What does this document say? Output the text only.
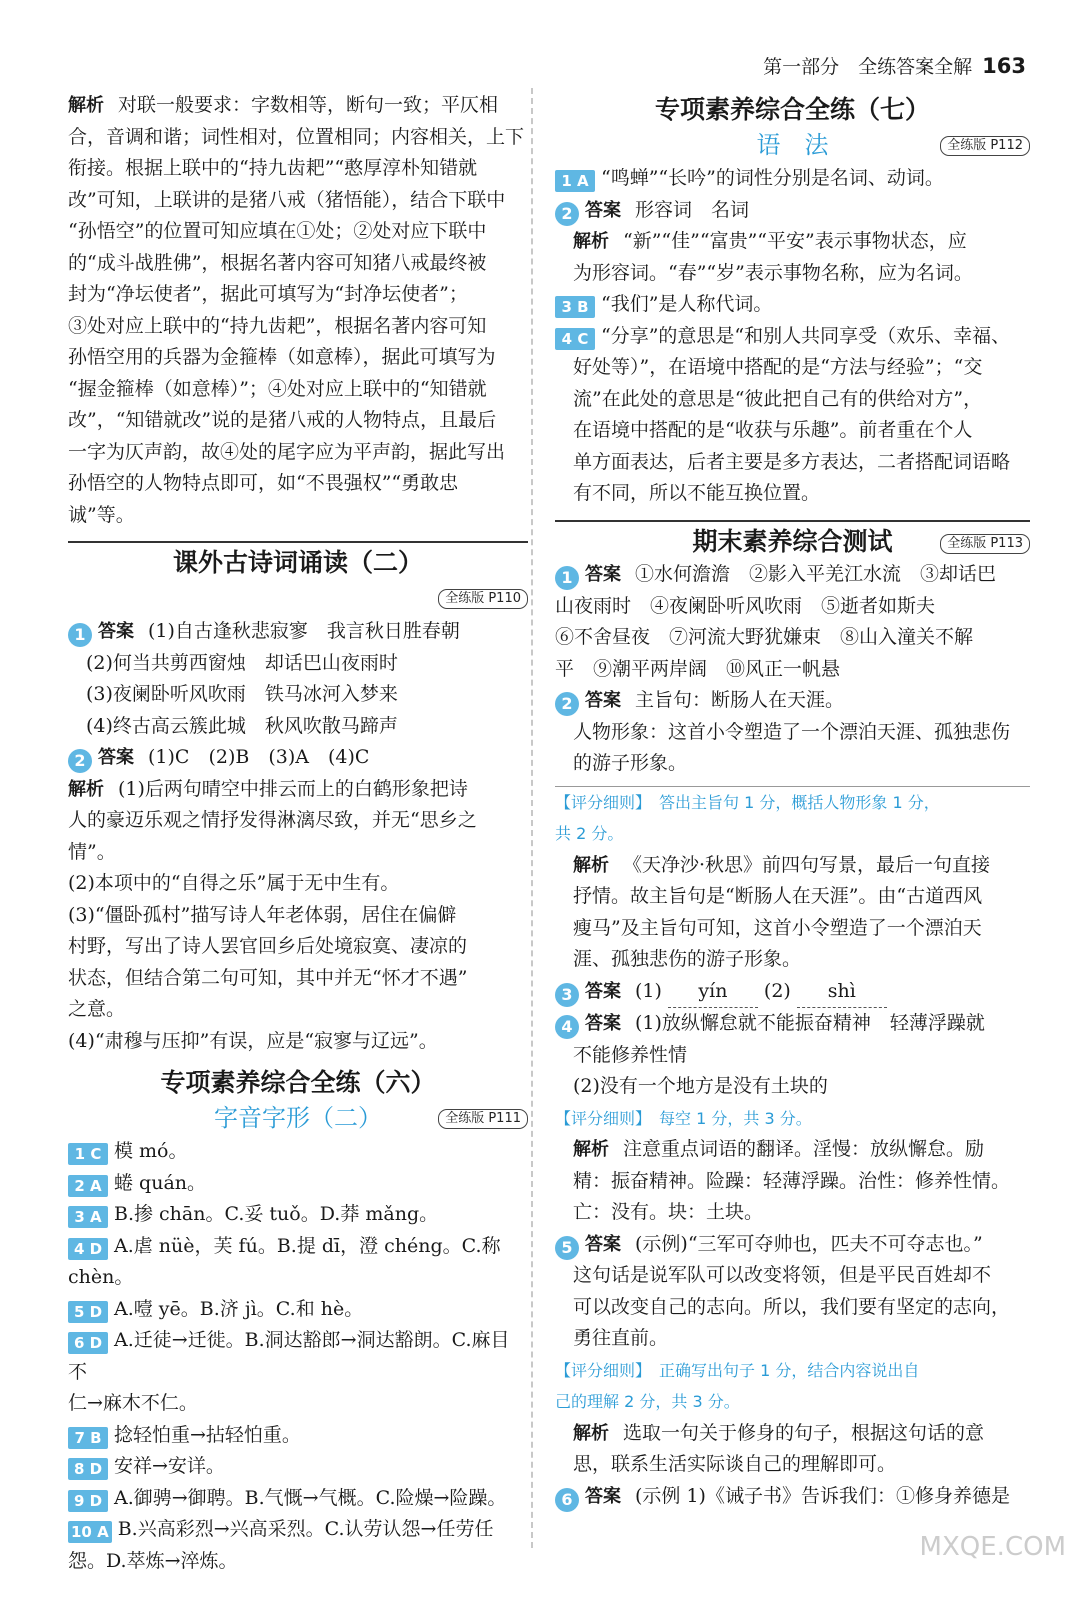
第一部分　全练答案全解 163

解析 对联一般要求：字数相等，断句一致；平仄相

合，音调和谐；词性相对，位置相同；内容相关，上下

衔接。根据上联中的“持九齿耙”“憨厚淳朴知错就

改”可知，上联讲的是猪八戒（猪悟能），结合下联中

“孙悟空”的位置可知应填在①处；②处对应下联中

的“成斗战胜佛”，根据名著内容可知猪八戒最终被

封为“净坛使者”，据此可填写为“封净坛使者”；

③处对应上联中的“持九齿耙”，根据名著内容可知

孙悟空用的兵器为金箍棒（如意棒），据此可填写为

“握金箍棒（如意棒）”；④处对应上联中的“知错就

改”，“知错就改”说的是猪八戒的人物特点，且最后

一字为仄声韵，故④处的尾字应为平声韵，据此写出

孙悟空的人物特点即可，如“不畏强权”“勇敢忠

诚”等。

课外古诗词诵读（二）
全练版 P110

1 答案 (1)自古逢秋悲寂寥　我言秋日胜春朝

(2)何当共剪西窗烛　却话巴山夜雨时

(3)夜阑卧听风吹雨　铁马冰河入梦来

(4)终古高云簇此城　秋风吹散马蹄声

2 答案 (1)C　(2)B　(3)A　(4)C

解析 (1)后两句晴空中排云而上的白鹤形象把诗

人的豪迈乐观之情抒发得淋漓尽致，并无“思乡之

情”。

(2)本项中的“自得之乐”属于无中生有。

(3)“僵卧孤村”描写诗人年老体弱，居住在偏僻

村野，写出了诗人罢官回乡后处境寂寞、凄凉的

状态，但结合第二句可知，其中并无“怀才不遇”

之意。

(4)“肃穆与压抑”有误，应是“寂寥与辽远”。

专项素养综合全练（六）
字音字形（二）	全练版 P111

1 C 模 mó。

2 A 蜷 quán。

3 A B.掺 chān。C.妥 tuǒ。D.莽 mǎng。

4 D A.虐 nüè，芙 fú。B.提 dī，澄 chéng。C.称 chèn。

5 D A.噎 yē。B.济 jì。C.和 hè。

6 D A.迁徒→迁徙。B.洞达豁郎→洞达豁朗。C.麻目不

仁→麻木不仁。

7 B 捻轻怕重→拈轻怕重。

8 D 安祥→安详。

9 D A.御骋→御聘。B.气慨→气概。C.险燥→险躁。

10 A B.兴高彩烈→兴高采烈。C.认劳认怨→任劳任

怨。D.萃炼→淬炼。

专项素养综合全练（七）
语　法	全练版 P112

1 A “鸣蝉”“长吟”的词性分别是名词、动词。

2 答案 形容词　名词

解析 “新”“佳”“富贵”“平安”表示事物状态，应

为形容词。“春”“岁”表示事物名称，应为名词。

3 B “我们”是人称代词。

4 C “分享”的意思是“和别人共同享受（欢乐、幸福、

好处等）”，在语境中搭配的是“方法与经验”；“交

流”在此处的意思是“彼此把自己有的供给对方”，

在语境中搭配的是“收获与乐趣”。前者重在个人

单方面表达，后者主要是多方表达，二者搭配词语略

有不同，所以不能互换位置。

期末素养综合测试	全练版 P113

1 答案 ①水何澹澹　②影入平羌江水流　③却话巴

山夜雨时　④夜阑卧听风吹雨　⑤逝者如斯夫

⑥不舍昼夜　⑦河流大野犹嫌束　⑧山入潼关不解

平　⑨潮平两岸阔　⑩风正一帆悬

2 答案 主旨句：断肠人在天涯。

人物形象：这首小令塑造了一个漂泊天涯、孤独悲伤

的游子形象。

【评分细则】　 答出主旨句 1 分，概括人物形象 1 分，

共 2 分。

解析 《天净沙·秋思》前四句写景，最后一句直接

抒情。故主旨句是“断肠人在天涯”。由“古道西风

瘦马”及主旨句可知，这首小令塑造了一个漂泊天

涯、孤独悲伤的游子形象。

3 答案 (1) yín (2) shì

4 答案 (1)放纵懈怠就不能振奋精神　轻薄浮躁就

不能修养性情

(2)没有一个地方是没有土块的

【评分细则】　 每空 1 分，共 3 分。

解析 注意重点词语的翻译。淫慢：放纵懈怠。励

精：振奋精神。险躁：轻薄浮躁。治性：修养性情。

亡：没有。块：土块。

5 答案 (示例)“三军可夺帅也，匹夫不可夺志也。”

这句话是说军队可以改变将领，但是平民百姓却不

可以改变自己的志向。所以，我们要有坚定的志向，

勇往直前。

【评分细则】　 正确写出句子 1 分，结合内容说出自

己的理解 2 分，共 3 分。

解析 选取一句关于修身的句子，根据这句话的意

思，联系生活实际谈自己的理解即可。

6 答案 (示例 1)《诫子书》告诉我们：①修身养德是

MXQE.COM
